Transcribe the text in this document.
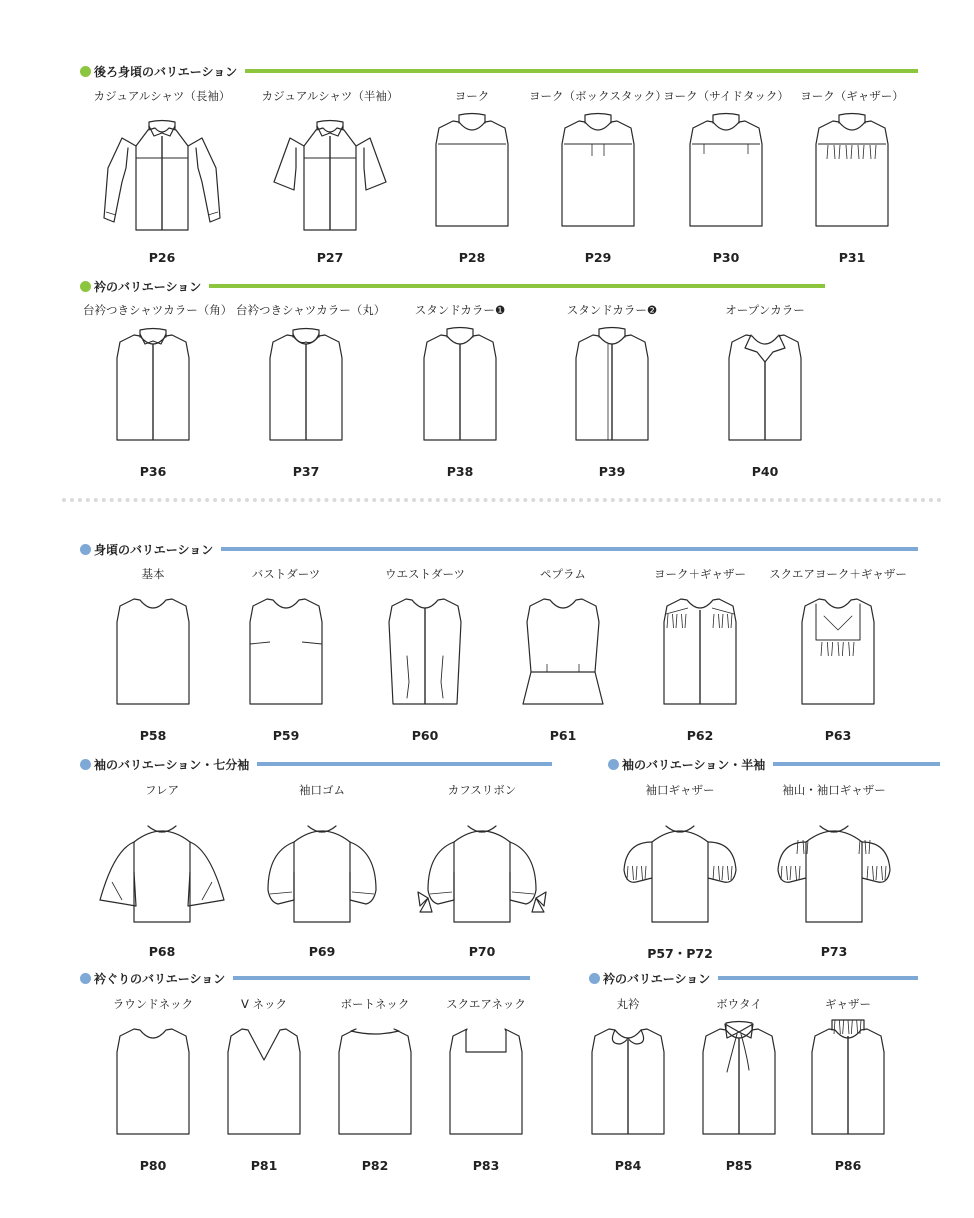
後ろ身頃のバリエーション
カジュアルシャツ（長袖）
P26
カジュアルシャツ（半袖）
P27
ヨーク
P28
ヨーク（ボックスタック）
P29
ヨーク（サイドタック）
P30
ヨーク（ギャザー）
P31
衿のバリエーション
台衿つきシャツカラー（角）
P36
台衿つきシャツカラー（丸）
P37
スタンドカラー❶
P38
スタンドカラー❷
P39
オープンカラー
P40
身頃のバリエーション
基本
P58
バストダーツ
P59
ウエストダーツ
P60
ペプラム
P61
ヨーク＋ギャザー
P62
スクエアヨーク＋ギャザー
P63
袖のバリエーション・七分袖
フレア
P68
袖口ゴム
P69
カフスリボン
P70
袖のバリエーション・半袖
袖口ギャザー
P57・P72
袖山・袖口ギャザー
P73
衿ぐりのバリエーション
ラウンドネック
P80
V ネック
P81
ボートネック
P82
スクエアネック
P83
衿のバリエーション
丸衿
P84
ボウタイ
P85
ギャザー
P86
